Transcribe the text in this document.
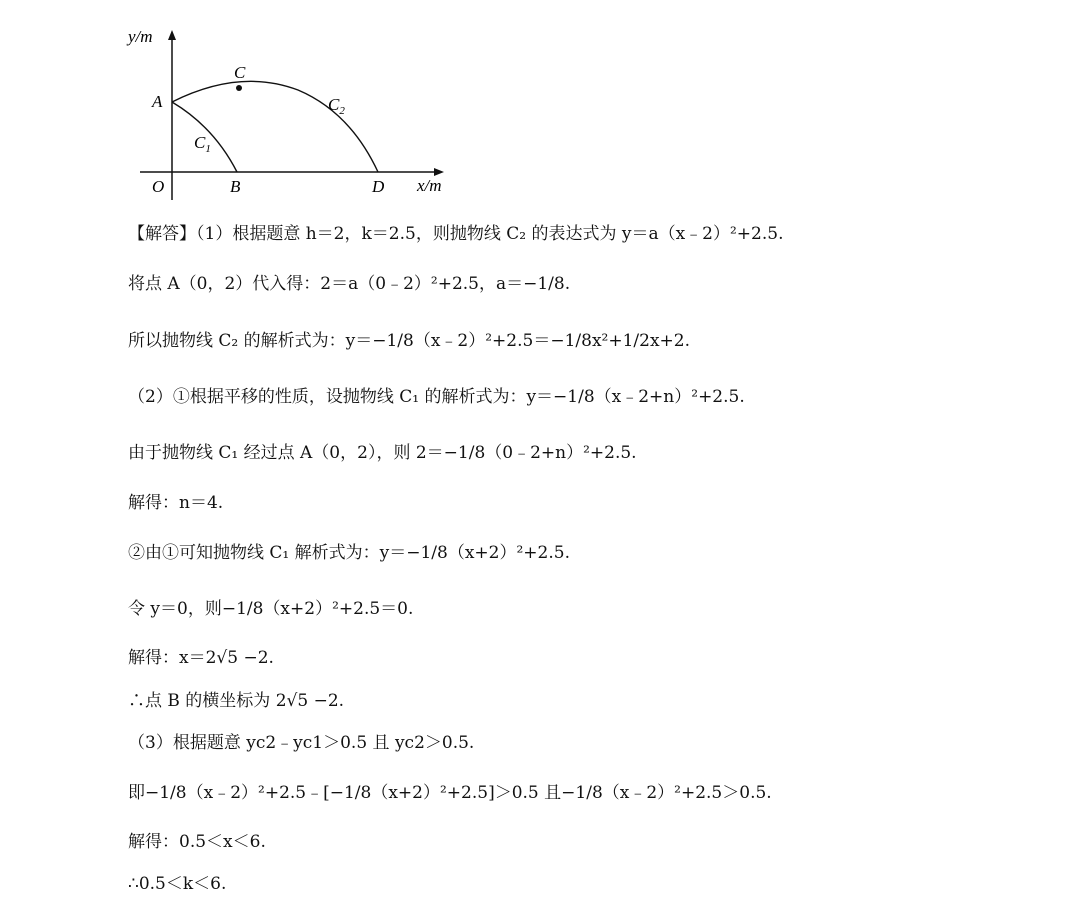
y/m
x/m
O
A
B
C
D
$C_1$
$C_2$
【解答】（1）根据题意 h＝2，k＝2.5，则抛物线 C₂ 的表达式为 y＝a（x﹣2）²+2.5.
将点 A（0，2）代入得：2＝a（0﹣2）²+2.5，a＝−1/8.
所以抛物线 C₂ 的解析式为：y＝−1/8（x﹣2）²+2.5＝−1/8x²+1/2x+2.
（2）①根据平移的性质，设抛物线 C₁ 的解析式为：y＝−1/8（x﹣2+n）²+2.5.
由于抛物线 C₁ 经过点 A（0，2），则 2＝−1/8（0﹣2+n）²+2.5.
解得：n＝4.
②由①可知抛物线 C₁ 解析式为：y＝−1/8（x+2）²+2.5.
令 y＝0，则−1/8（x+2）²+2.5＝0.
解得：x＝2√5 −2.
∴点 B 的横坐标为 2√5 −2.
（3）根据题意 yc2﹣yc1＞0.5 且 yc2＞0.5.
即−1/8（x﹣2）²+2.5﹣[−1/8（x+2）²+2.5]＞0.5 且−1/8（x﹣2）²+2.5＞0.5.
解得：0.5＜x＜6.
∴0.5＜k＜6.
